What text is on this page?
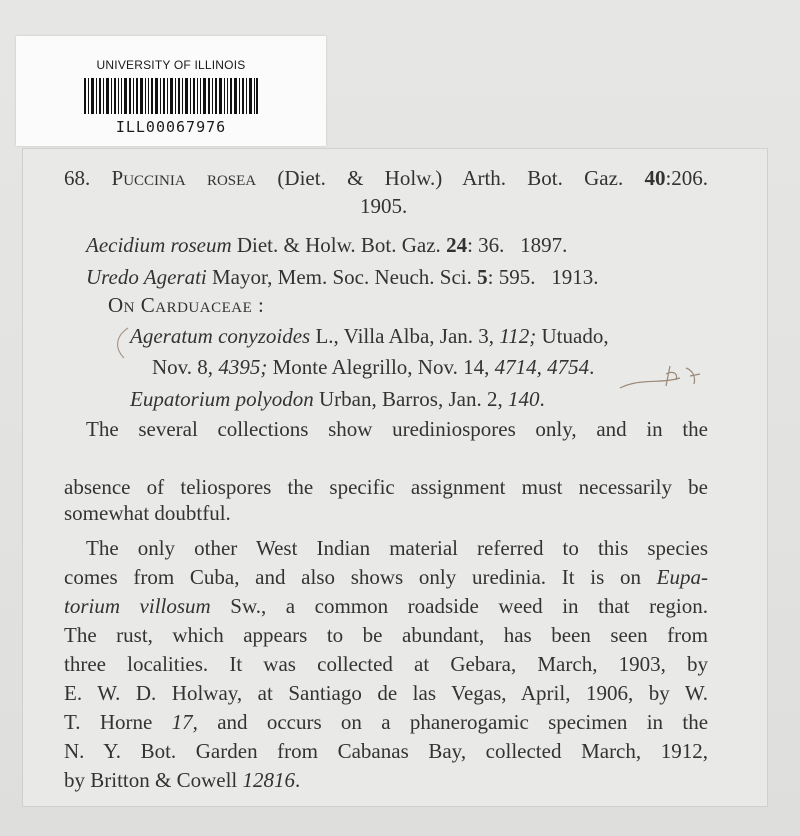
UNIVERSITY OF ILLINOIS
ILL00067976
68. Puccinia rosea (Diet. & Holw.) Arth. Bot. Gaz. 40:206.
1905.
Aecidium roseum Diet. & Holw. Bot. Gaz. 24: 36.   1897.
Uredo Agerati Mayor, Mem. Soc. Neuch. Sci. 5: 595.   1913.
On Carduaceae :
Ageratum conyzoides L., Villa Alba, Jan. 3, 112; Utuado,
Nov. 8, 4395; Monte Alegrillo, Nov. 14, 4714, 4754.
Eupatorium polyodon Urban, Barros, Jan. 2, 140.
The several collections show urediniospores only, and in the
absence of teliospores the specific assignment must necessarily be
somewhat doubtful.
The only other West Indian material referred to this species
comes from Cuba, and also shows only uredinia. It is on Eupa-
torium villosum Sw., a common roadside weed in that region.
The rust, which appears to be abundant, has been seen from
three localities. It was collected at Gebara, March, 1903, by
E. W. D. Holway, at Santiago de las Vegas, April, 1906, by W.
T. Horne 17, and occurs on a phanerogamic specimen in the
N. Y. Bot. Garden from Cabanas Bay, collected March, 1912,
by Britton & Cowell 12816.
